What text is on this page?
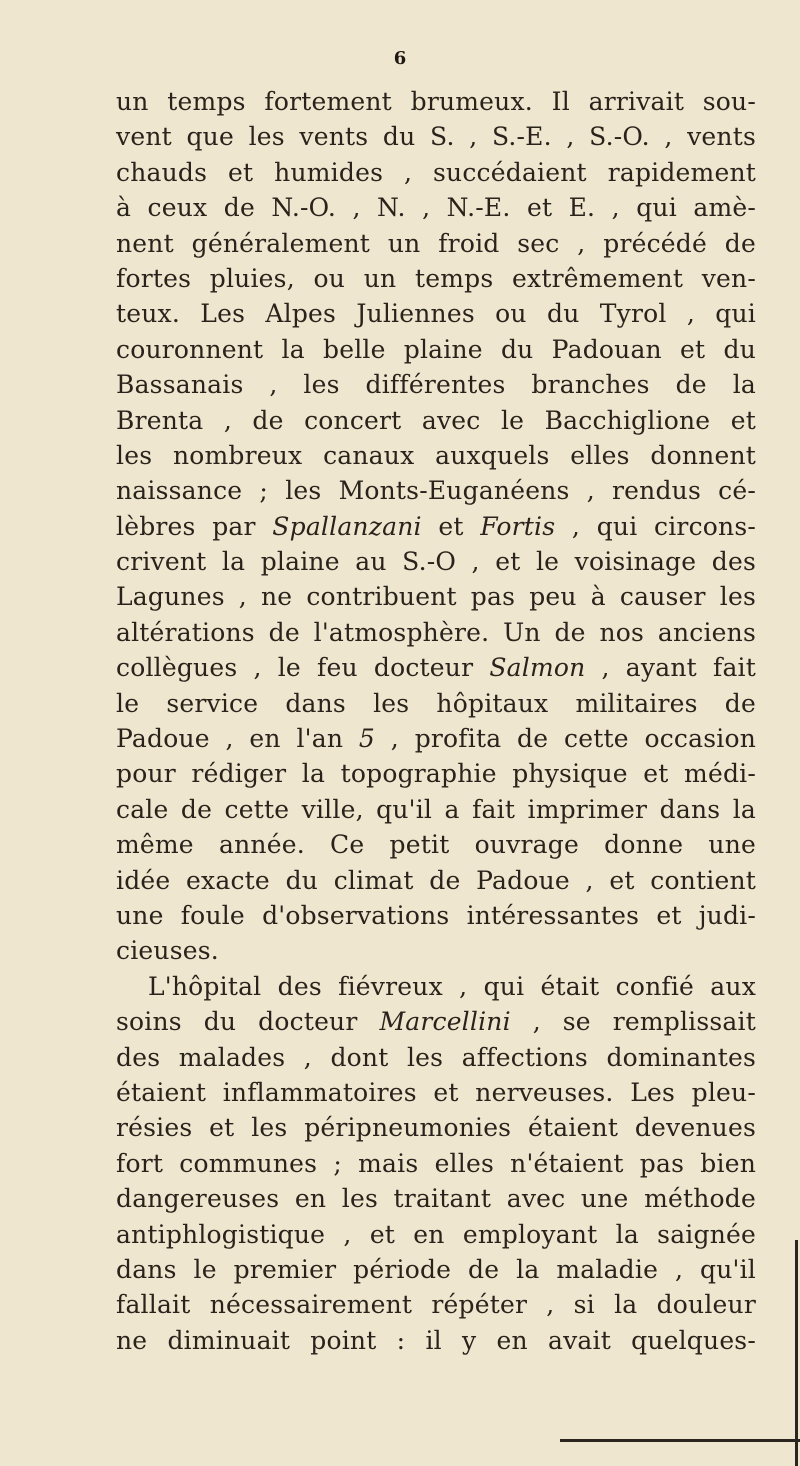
6
un temps fortement brumeux. Il arrivait sou-
vent que les vents du S. , S.-E. , S.-O. , vents
chauds et humides , succédaient rapidement
à ceux de N.-O. , N. , N.-E. et E. , qui amè-
nent généralement un froid sec , précédé de
fortes pluies, ou un temps extrêmement ven-
teux. Les Alpes Juliennes ou du Tyrol , qui
couronnent la belle plaine du Padouan et du
Bassanais , les différentes branches de la
Brenta , de concert avec le Bacchiglione et
les nombreux canaux auxquels elles donnent
naissance ; les Monts-Euganéens , rendus cé-
lèbres par Spallanzani et Fortis , qui circons-
crivent la plaine au S.-O , et le voisinage des
Lagunes , ne contribuent pas peu à causer les
altérations de l'atmosphère. Un de nos anciens
collègues , le feu docteur Salmon , ayant fait
le service dans les hôpitaux militaires de
Padoue , en l'an 5 , profita de cette occasion
pour rédiger la topographie physique et médi-
cale de cette ville, qu'il a fait imprimer dans la
même année. Ce petit ouvrage donne une
idée exacte du climat de Padoue , et contient
une foule d'observations intéressantes et judi-
cieuses.
L'hôpital des fiévreux , qui était confié aux
soins du docteur Marcellini , se remplissait
des malades , dont les affections dominantes
étaient inflammatoires et nerveuses. Les pleu-
résies et les péripneumonies étaient devenues
fort communes ; mais elles n'étaient pas bien
dangereuses en les traitant avec une méthode
antiphlogistique , et en employant la saignée
dans le premier période de la maladie , qu'il
fallait nécessairement répéter , si la douleur
ne diminuait point : il y en avait quelques-
